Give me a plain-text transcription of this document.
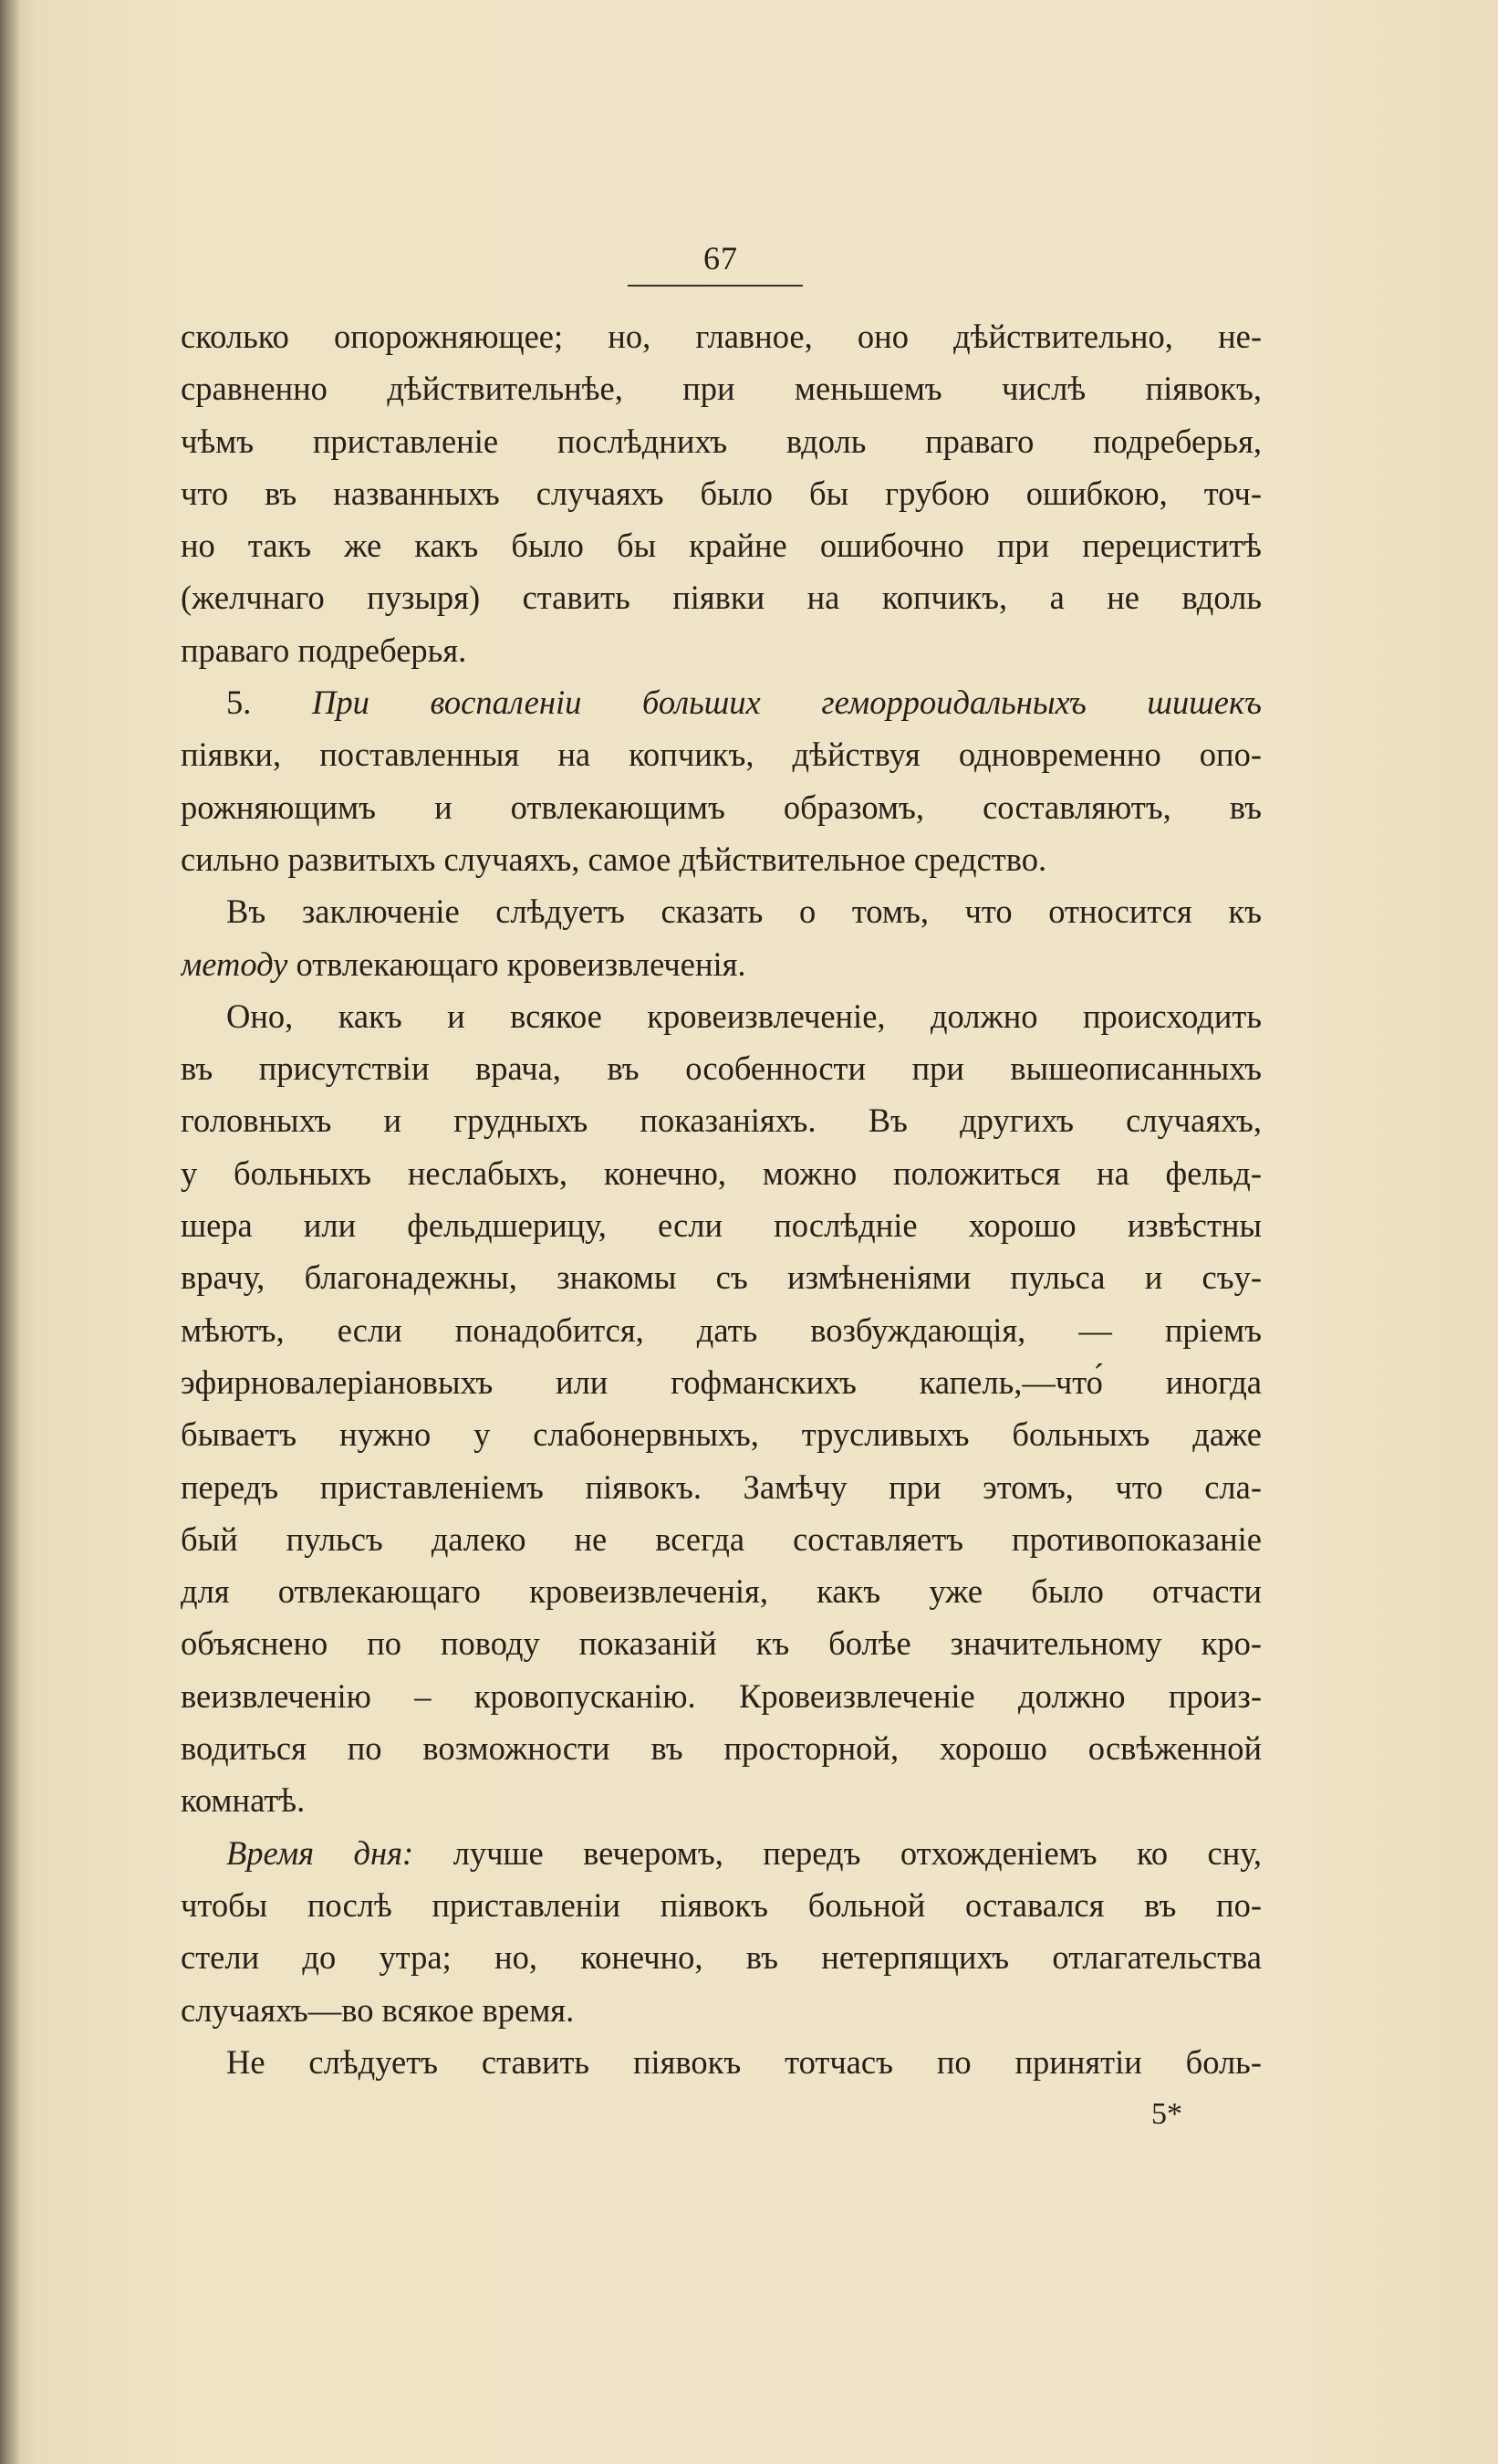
67
сколько опорожняющее; но, главное, оно дѣйствительно, не-
сравненно дѣйствительнѣе, при меньшемъ числѣ піявокъ,
чѣмъ приставленіе послѣднихъ вдоль праваго подреберья,
что въ названныхъ случаяхъ было бы грубою ошибкою, точ-
но такъ же какъ было бы крайне ошибочно при перециститѣ
(желчнаго пузыря) ставить піявки на копчикъ, а не вдоль
праваго подреберья.
5. При воспаленіи больших геморроидальныхъ шишекъ
піявки, поставленныя на копчикъ, дѣйствуя одновременно опо-
рожняющимъ и отвлекающимъ образомъ, составляютъ, въ
сильно развитыхъ случаяхъ, самое дѣйствительное средство.
Въ заключеніе слѣдуетъ сказать о томъ, что относится къ
методу отвлекающаго кровеизвлеченія.
Оно, какъ и всякое кровеизвлеченіе, должно происходить
въ присутствіи врача, въ особенности при вышеописанныхъ
головныхъ и грудныхъ показаніяхъ. Въ другихъ случаяхъ,
у больныхъ неслабыхъ, конечно, можно положиться на фельд-
шера или фельдшерицу, если послѣдніе хорошо извѣстны
врачу, благонадежны, знакомы съ измѣненіями пульса и съу-
мѣютъ, если понадобится, дать возбуждающія, — пріемъ
эфирновалеріановыхъ или гофманскихъ капель,—что́ иногда
бываетъ нужно у слабонервныхъ, трусливыхъ больныхъ даже
передъ приставленіемъ піявокъ. Замѣчу при этомъ, что сла-
бый пульсъ далеко не всегда составляетъ противопоказаніе
для отвлекающаго кровеизвлеченія, какъ уже было отчасти
объяснено по поводу показаній къ болѣе значительному кро-
веизвлеченію – кровопусканію. Кровеизвлеченіе должно произ-
водиться по возможности въ просторной, хорошо освѣженной
комнатѣ.
Время дня: лучше вечеромъ, передъ отхожденіемъ ко сну,
чтобы послѣ приставленіи піявокъ больной оставался въ по-
стели до утра; но, конечно, въ нетерпящихъ отлагательства
случаяхъ—во всякое время.
Не слѣдуетъ ставить піявокъ тотчасъ по принятіи боль-
5*
